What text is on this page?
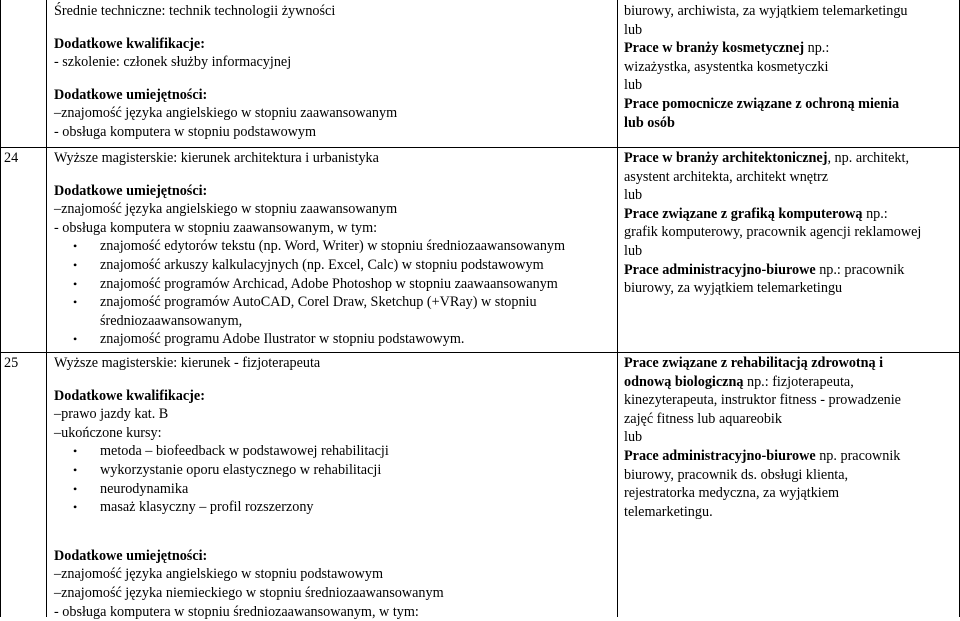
Średnie techniczne: technik technologii żywności
Dodatkowe kwalifikacje:
- szkolenie: członek służby informacyjnej
Dodatkowe umiejętności:
–znajomość języka angielskiego w stopniu zaawansowanym
- obsługa komputera w stopniu podstawowym
biurowy, archiwista, za wyjątkiem telemarketingu
lub
Prace w branży kosmetycznej np.:
wizażystka, asystentka kosmetyczki
lub
Prace pomocnicze związane z ochroną mienia
lub osób
24	Wyższe magisterskie: kierunek architektura i urbanistyka
Dodatkowe umiejętności:
–znajomość języka angielskiego w stopniu zaawansowanym
- obsługa komputera w stopniu zaawansowanym, w tym:
• znajomość edytorów tekstu (np. Word, Writer) w stopniu średniozaawansowanym
• znajomość arkuszy kalkulacyjnych (np. Excel, Calc) w stopniu podstawowym
• znajomość programów Archicad, Adobe Photoshop w stopniu zaawaansowanym
• znajomość programów AutoCAD, Corel Draw, Sketchup (+VRay) w stopniu
średniozaawansowanym,
• znajomość programu Adobe Ilustrator w stopniu podstawowym.
Prace w branży architektonicznej, np. architekt,
asystent architekta, architekt wnętrz
lub
Prace związane z grafiką komputerową np.:
grafik komputerowy, pracownik agencji reklamowej
lub
Prace administracyjno-biurowe np.: pracownik
biurowy, za wyjątkiem telemarketingu
25	Wyższe magisterskie: kierunek - fizjoterapeuta
Dodatkowe kwalifikacje:
–prawo jazdy kat. B
–ukończone kursy:
• metoda – biofeedback w podstawowej rehabilitacji
• wykorzystanie oporu elastycznego w rehabilitacji
• neurodynamika
• masaż klasyczny – profil rozszerzony
Dodatkowe umiejętności:
–znajomość języka angielskiego w stopniu podstawowym
–znajomość języka niemieckiego w stopniu średniozaawansowanym
- obsługa komputera w stopniu średniozaawansowanym, w tym:
Prace związane z rehabilitacją zdrowotną i
odnową biologiczną np.: fizjoterapeuta,
kinezyterapeuta, instruktor fitness - prowadzenie
zajęć fitness lub aquareobik
lub
Prace administracyjno-biurowe np. pracownik
biurowy, pracownik ds. obsługi klienta,
rejestratorka medyczna, za wyjątkiem
telemarketingu.
